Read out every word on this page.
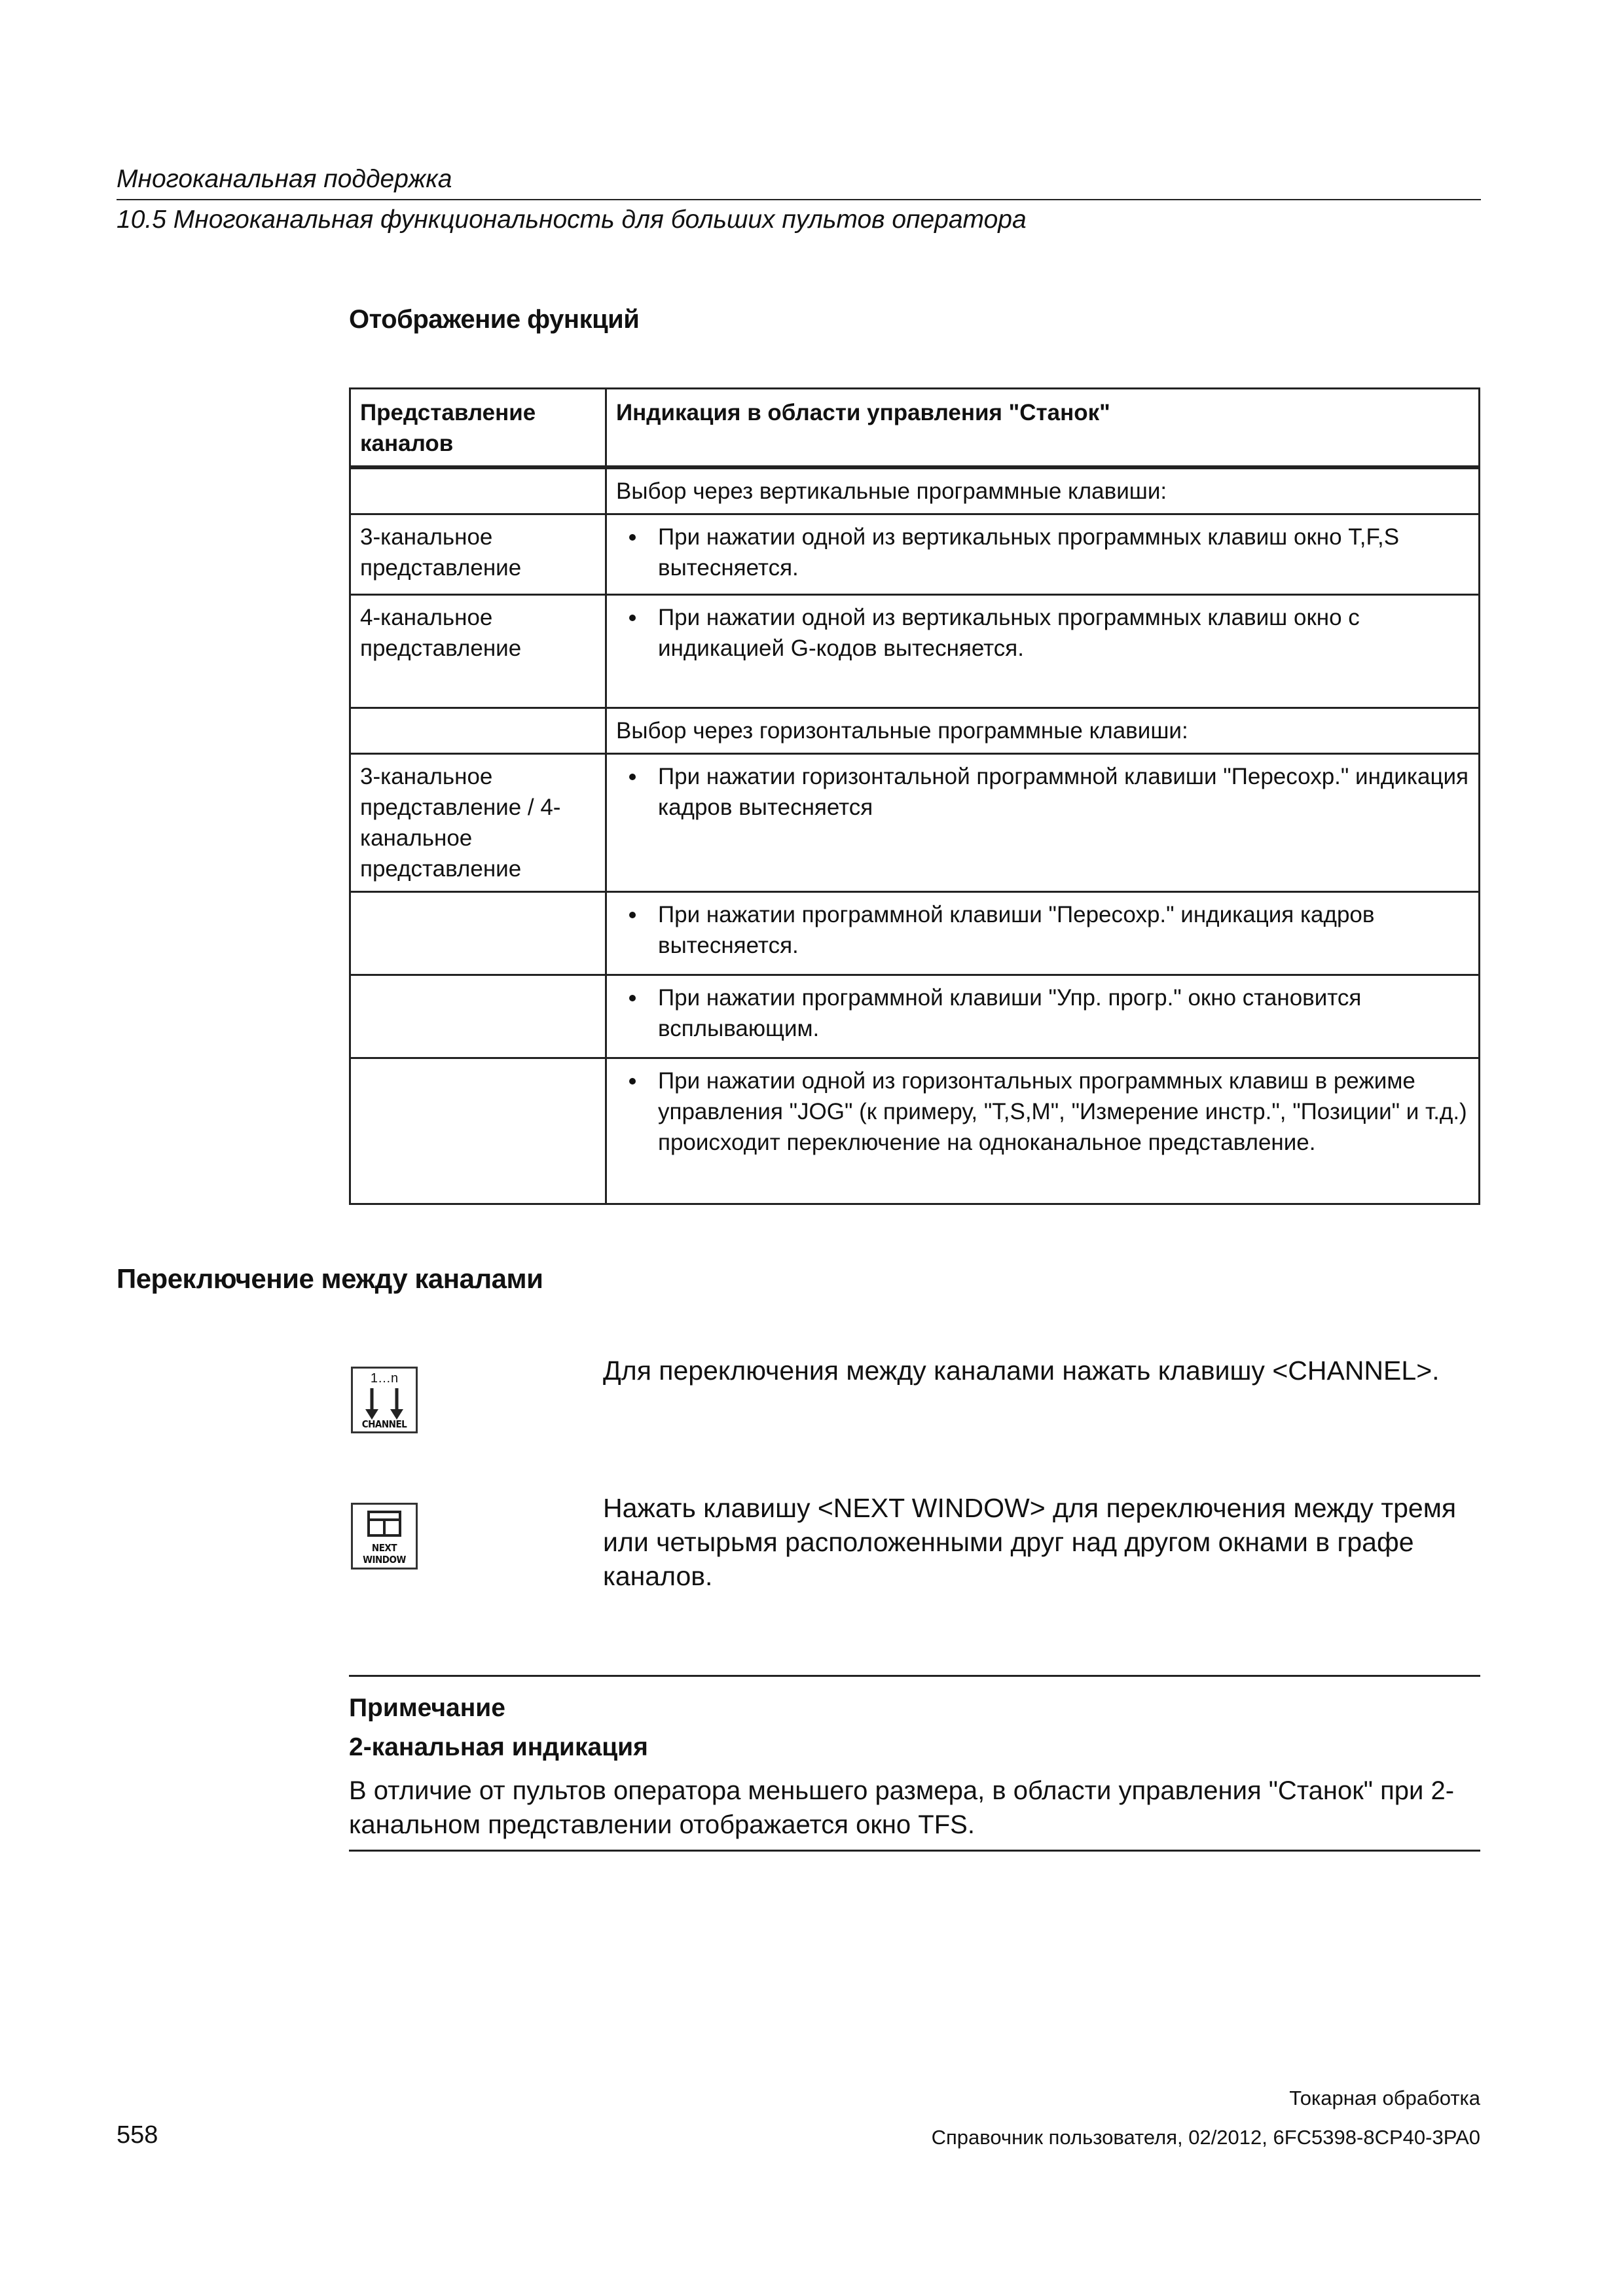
Многоканальная поддержка
10.5 Многоканальная функциональность для больших пультов оператора
Отображение функций
Представление каналов	Индикация в области управления "Станок"
	Выбор через вертикальные программные клавиши:
3-канальное представление	При нажатии одной из вертикальных программных клавиш окно T,F,S вытесняется.

4-канальное представление	При нажатии одной из вертикальных программных клавиш окно с индикацией G-кодов вытесняется.

	Выбор через горизонтальные программные клавиши:
3-канальное представление / 4-канальное представление	При нажатии горизонтальной программной клавиши "Пересохр." индикация кадров вытесняется

	При нажатии программной клавиши "Пересохр." индикация кадров вытесняется.

	При нажатии программной клавиши "Упр. прогр." окно становится всплывающим.

	При нажатии одной из горизонтальных программных клавиш в режиме управления "JOG" (к примеру, "T,S,M", "Измерение инстр.", "Позиции" и т.д.) происходит переключение на одноканальное представление.
Переключение между каналами
1…n
CHANNEL
Для переключения между каналами нажать клавишу <CHANNEL>.
NEXT
WINDOW
Нажать клавишу <NEXT WINDOW> для переключения между тремя или четырьмя расположенными друг над другом окнами в графе каналов.
Примечание
2-канальная индикация
В отличие от пультов оператора меньшего размера, в области управления "Станок" при 2-канальном представлении отображается окно TFS.
Токарная обработка
558	Справочник пользователя, 02/2012, 6FC5398-8CP40-3PA0
